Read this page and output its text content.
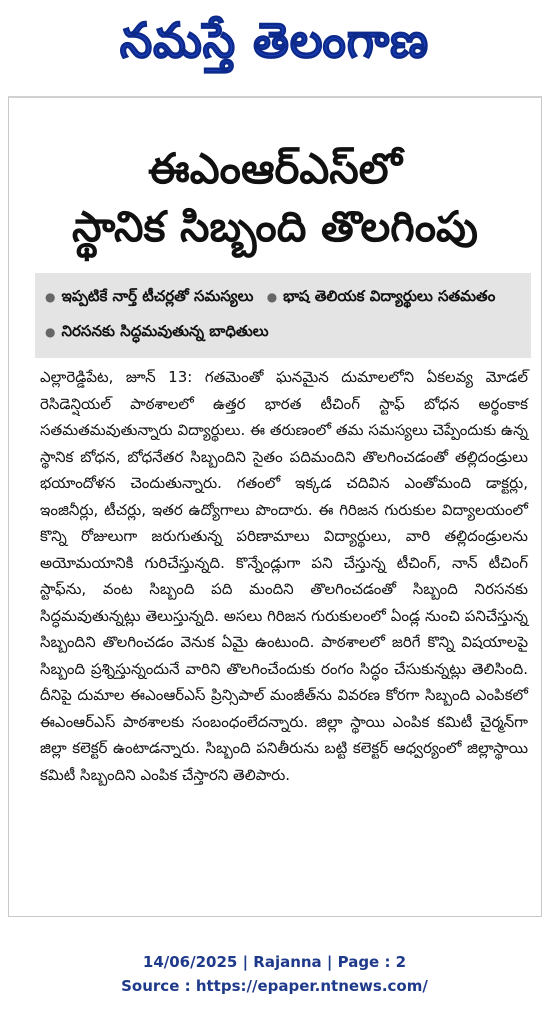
నమస్తే తెలంగాణ
ఈఎంఆర్ఎస్‌లో
స్థానిక సిబ్బంది తొలగింపు
● ఇప్పటికే నార్త్ టీచర్లతో సమస్యలు ● భాష తెలియక విద్యార్థులు సతమతం
● నిరసనకు సిద్ధమవుతున్న బాధితులు
ఎల్లారెడ్డిపేట, జూన్ 13: గతమెంతో ఘనమైన దుమాలలోని ఏకలవ్య మోడల్ రెసిడెన్షియల్ పాఠశాలలో ఉత్తర భారత టీచింగ్ స్టాఫ్ బోధన అర్థంకాక సతమతమవుతున్నారు విద్యార్థులు. ఈ తరుణంలో తమ సమస్యలు చెప్పేందుకు ఉన్న స్థానిక బోధన, బోధనేతర సిబ్బందిని సైతం పదిమందిని తొలగించడంతో తల్లిదండ్రులు భయాందోళన చెందుతున్నారు. గతంలో ఇక్కడ చదివిన ఎంతోమంది డాక్టర్లు, ఇంజినీర్లు, టీచర్లు, ఇతర ఉద్యోగాలు పొందారు. ఈ గిరిజన గురుకుల విద్యాలయంలో కొన్ని రోజులుగా జరుగుతున్న పరిణామాలు విద్యార్థులు, వారి తల్లిదండ్రులను అయోమయానికి గురిచేస్తున్నది. కొన్నేండ్లుగా పని చేస్తున్న టీచింగ్, నాన్ టీచింగ్ స్టాఫ్‌ను, వంట సిబ్బంది పది మందిని తొలగించడంతో సిబ్బంది నిరసనకు సిద్ధమవుతున్నట్లు తెలుస్తున్నది. అసలు గిరిజన గురుకులంలో ఏండ్ల నుంచి పనిచేస్తున్న సిబ్బందిని తొలగించడం వెనుక ఏమై ఉంటుంది. పాఠశాలలో జరిగే కొన్ని విషయాలపై సిబ్బంది ప్రశ్నిస్తున్నందునే వారిని తొలగించేందుకు రంగం సిద్ధం చేసుకున్నట్లు తెలిసింది. దీనిపై దుమాల ఈఎంఆర్ఎస్ ప్రిన్సిపాల్ మంజీత్‌ను వివరణ కోరగా సిబ్బంది ఎంపికలో ఈఎంఆర్ఎస్ పాఠశాలకు సంబంధంలేదన్నారు. జిల్లా స్థాయి ఎంపిక కమిటీ చైర్మన్‌గా జిల్లా కలెక్టర్ ఉంటాడన్నారు. సిబ్బంది పనితీరును బట్టి కలెక్టర్ ఆధ్వర్యంలో జిల్లాస్థాయి కమిటీ సిబ్బందిని ఎంపిక చేస్తారని తెలిపారు.
14/06/2025 | Rajanna | Page : 2
Source : https://epaper.ntnews.com/
